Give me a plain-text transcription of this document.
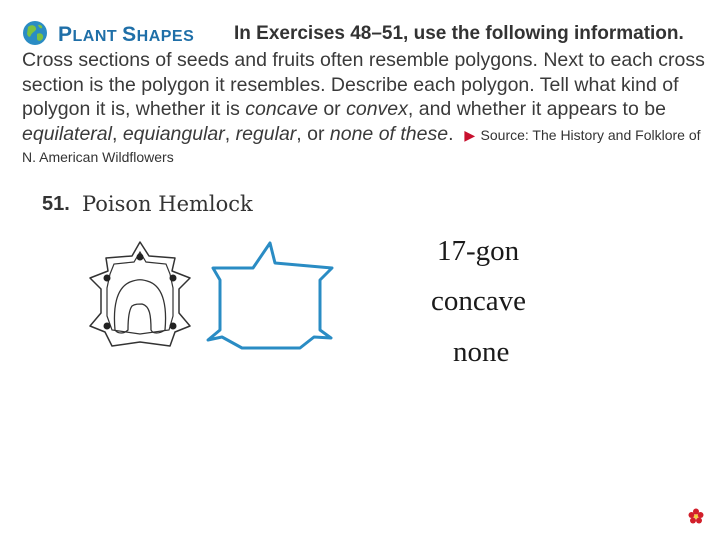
PLANT SHAPES In Exercises 48–51, use the following information.
Cross sections of seeds and fruits often resemble polygons. Next to each cross section is the polygon it resembles. Describe each polygon. Tell what kind of polygon it is, whether it is concave or convex, and whether it appears to be equilateral, equiangular, regular, or none of these. ▶ Source: The History and Folklore of
N. American Wildflowers
51. Poison Hemlock
17-gon
concave
none
